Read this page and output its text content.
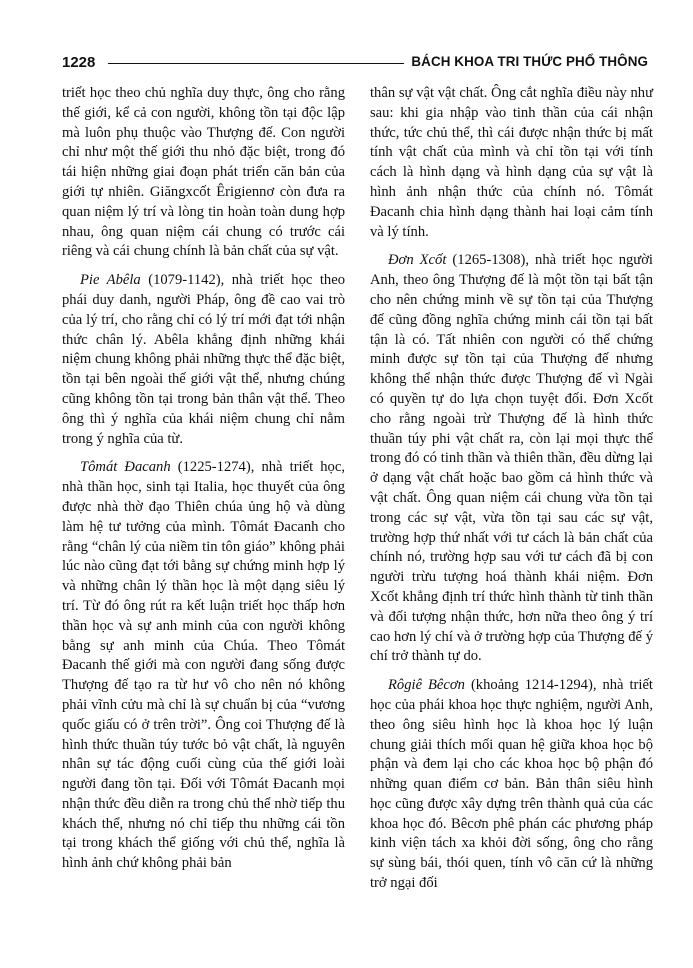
1228	BÁCH KHOA TRI THỨC PHỔ THÔNG

triết học theo chủ nghĩa duy thực, ông cho rằng thế giới, kể cả con người, không tồn tại độc lập mà luôn phụ thuộc vào Thượng đế. Con người chỉ như một thế giới thu nhỏ đặc biệt, trong đó tái hiện những giai đoạn phát triển căn bản của giới tự nhiên. Giăngxcốt Êrigiennơ còn đưa ra quan niệm lý trí và lòng tin hoàn toàn dung hợp nhau, ông quan niệm cái chung có trước cái riêng và cái chung chính là bản chất của sự vật.

Pie Abêla (1079-1142), nhà triết học theo phái duy danh, người Pháp, ông đề cao vai trò của lý trí, cho rằng chỉ có lý trí mới đạt tới nhận thức chân lý. Abêla khẳng định những khái niệm chung không phải những thực thể đặc biệt, tồn tại bên ngoài thế giới vật thể, nhưng chúng cũng không tồn tại trong bản thân vật thể. Theo ông thì ý nghĩa của khái niệm chung chỉ nằm trong ý nghĩa của từ.

Tômát Đacanh (1225-1274), nhà triết học, nhà thần học, sinh tại Italia, học thuyết của ông được nhà thờ đạo Thiên chúa ủng hộ và dùng làm hệ tư tưởng của mình. Tômát Đacanh cho rằng “chân lý của niềm tin tôn giáo” không phải lúc nào cũng đạt tới bằng sự chứng minh hợp lý và những chân lý thần học là một dạng siêu lý trí. Từ đó ông rút ra kết luận triết học thấp hơn thần học và sự anh minh của con người không bằng sự anh minh của Chúa. Theo Tômát Đacanh thế giới mà con người đang sống được Thượng đế tạo ra từ hư vô cho nên nó không phải vĩnh cửu mà chỉ là sự chuẩn bị của “vương quốc giấu có ở trên trời”. Ông coi Thượng đế là hình thức thuần túy tước bỏ vật chất, là nguyên nhân sự tác động cuối cùng của thế giới loài người đang tồn tại. Đối với Tômát Đacanh mọi nhận thức đều diễn ra trong chủ thể nhờ tiếp thu khách thể, nhưng nó chỉ tiếp thu những cái tồn tại trong khách thể giống với chủ thể, nghĩa là hình ảnh chứ không phải bản

thân sự vật vật chất. Ông cắt nghĩa điều này như sau: khi gia nhập vào tinh thần của cái nhận thức, tức chủ thể, thì cái được nhận thức bị mất tính vật chất của mình và chỉ tồn tại với tính cách là hình dạng và hình dạng của sự vật là hình ảnh nhận thức của chính nó. Tômát Đacanh chia hình dạng thành hai loại cảm tính và lý tính.

Đơn Xcốt (1265-1308), nhà triết học người Anh, theo ông Thượng đế là một tồn tại bất tận cho nên chứng minh về sự tồn tại của Thượng đế cũng đồng nghĩa chứng minh cái tồn tại bất tận là có. Tất nhiên con người có thể chứng minh được sự tồn tại của Thượng đế nhưng không thể nhận thức được Thượng đế vì Ngài có quyền tự do lựa chọn tuyệt đối. Đơn Xcốt cho rằng ngoài trừ Thượng đế là hình thức thuần túy phi vật chất ra, còn lại mọi thực thể trong đó có tinh thần và thiên thần, đều dừng lại ở dạng vật chất hoặc bao gồm cả hình thức và vật chất. Ông quan niệm cái chung vừa tồn tại trong các sự vật, vừa tồn tại sau các sự vật, trường hợp thứ nhất với tư cách là bản chất của chính nó, trường hợp sau với tư cách đã bị con người trừu tượng hoá thành khái niệm. Đơn Xcốt khẳng định trí thức hình thành từ tinh thần và đối tượng nhận thức, hơn nữa theo ông ý trí cao hơn lý chí và ở trường hợp của Thượng đế ý chí trở thành tự do.

Rôgiê Bêcơn (khoảng 1214-1294), nhà triết học của phái khoa học thực nghiệm, người Anh, theo ông siêu hình học là khoa học lý luận chung giải thích mối quan hệ giữa khoa học bộ phận và đem lại cho các khoa học bộ phận đó những quan điểm cơ bản. Bản thân siêu hình học cũng được xây dựng trên thành quả của các khoa học đó. Bêcơn phê phán các phương pháp kinh viện tách xa khỏi đời sống, ông cho rằng sự sùng bái, thói quen, tính vô căn cứ là những trở ngại đối
